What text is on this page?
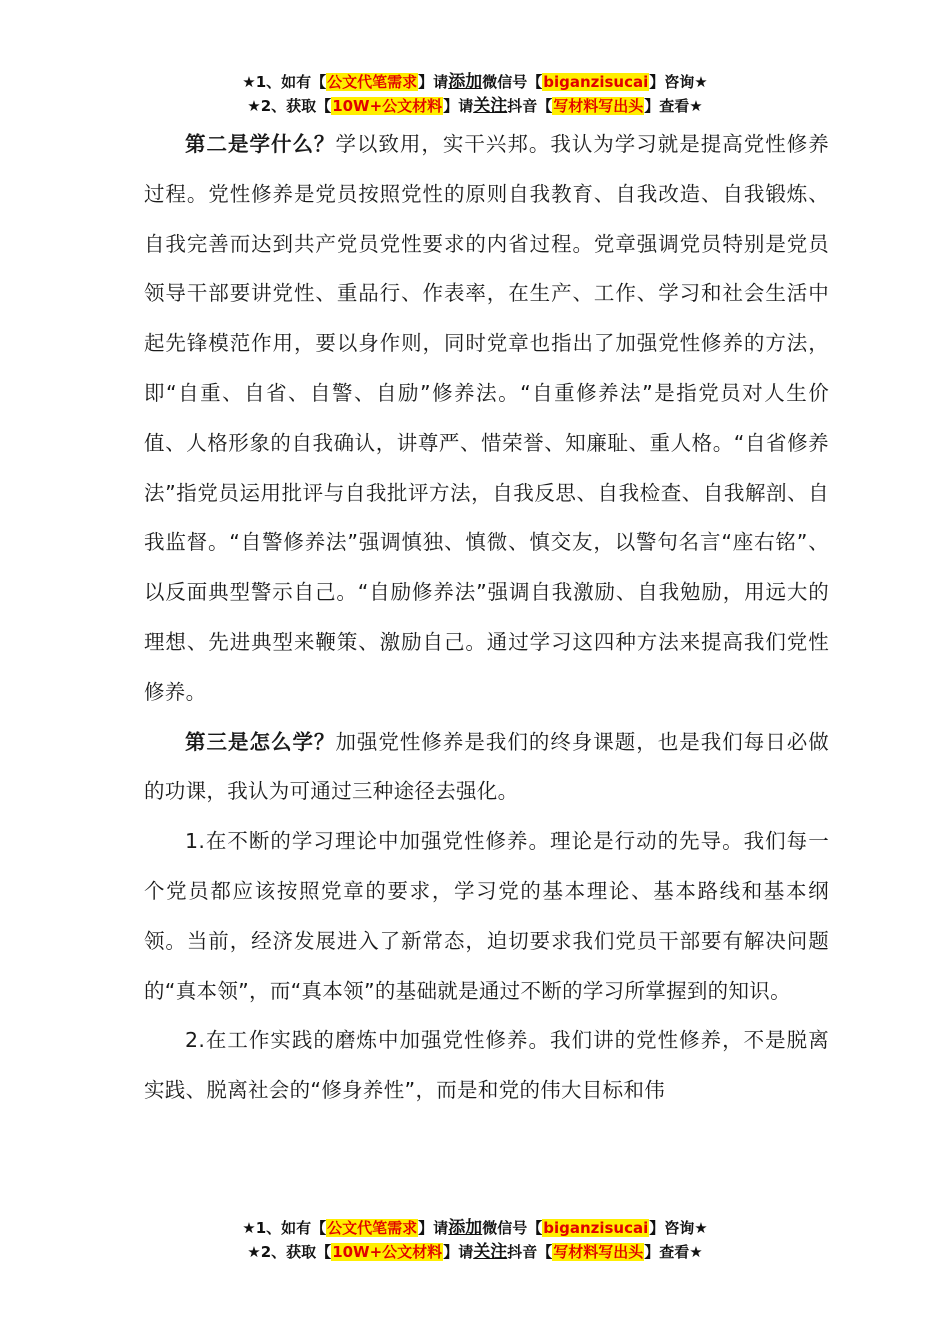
★1、如有【公文代笔需求】请添加微信号【biganzisucai】咨询★
★2、获取【10W+公文材料】请关注抖音【写材料写出头】查看★

第二是学什么？学以致用，实干兴邦。我认为学习就是提高党性修养过程。党性修养是党员按照党性的原则自我教育、自我改造、自我锻炼、自我完善而达到共产党员党性要求的内省过程。党章强调党员特别是党员领导干部要讲党性、重品行、作表率，在生产、工作、学习和社会生活中起先锋模范作用，要以身作则，同时党章也指出了加强党性修养的方法，即“自重、自省、自警、自励”修养法。“自重修养法”是指党员对人生价值、人格形象的自我确认，讲尊严、惜荣誉、知廉耻、重人格。“自省修养法”指党员运用批评与自我批评方法，自我反思、自我检查、自我解剖、自我监督。“自警修养法”强调慎独、慎微、慎交友，以警句名言“座右铭”、以反面典型警示自己。“自励修养法”强调自我激励、自我勉励，用远大的理想、先进典型来鞭策、激励自己。通过学习这四种方法来提高我们党性修养。

第三是怎么学？加强党性修养是我们的终身课题，也是我们每日必做的功课，我认为可通过三种途径去强化。

1.在不断的学习理论中加强党性修养。理论是行动的先导。我们每一个党员都应该按照党章的要求，学习党的基本理论、基本路线和基本纲领。当前，经济发展进入了新常态，迫切要求我们党员干部要有解决问题的“真本领”，而“真本领”的基础就是通过不断的学习所掌握到的知识。

2.在工作实践的磨炼中加强党性修养。我们讲的党性修养，不是脱离实践、脱离社会的“修身养性”，而是和党的伟大目标和伟

★1、如有【公文代笔需求】请添加微信号【biganzisucai】咨询★
★2、获取【10W+公文材料】请关注抖音【写材料写出头】查看★
